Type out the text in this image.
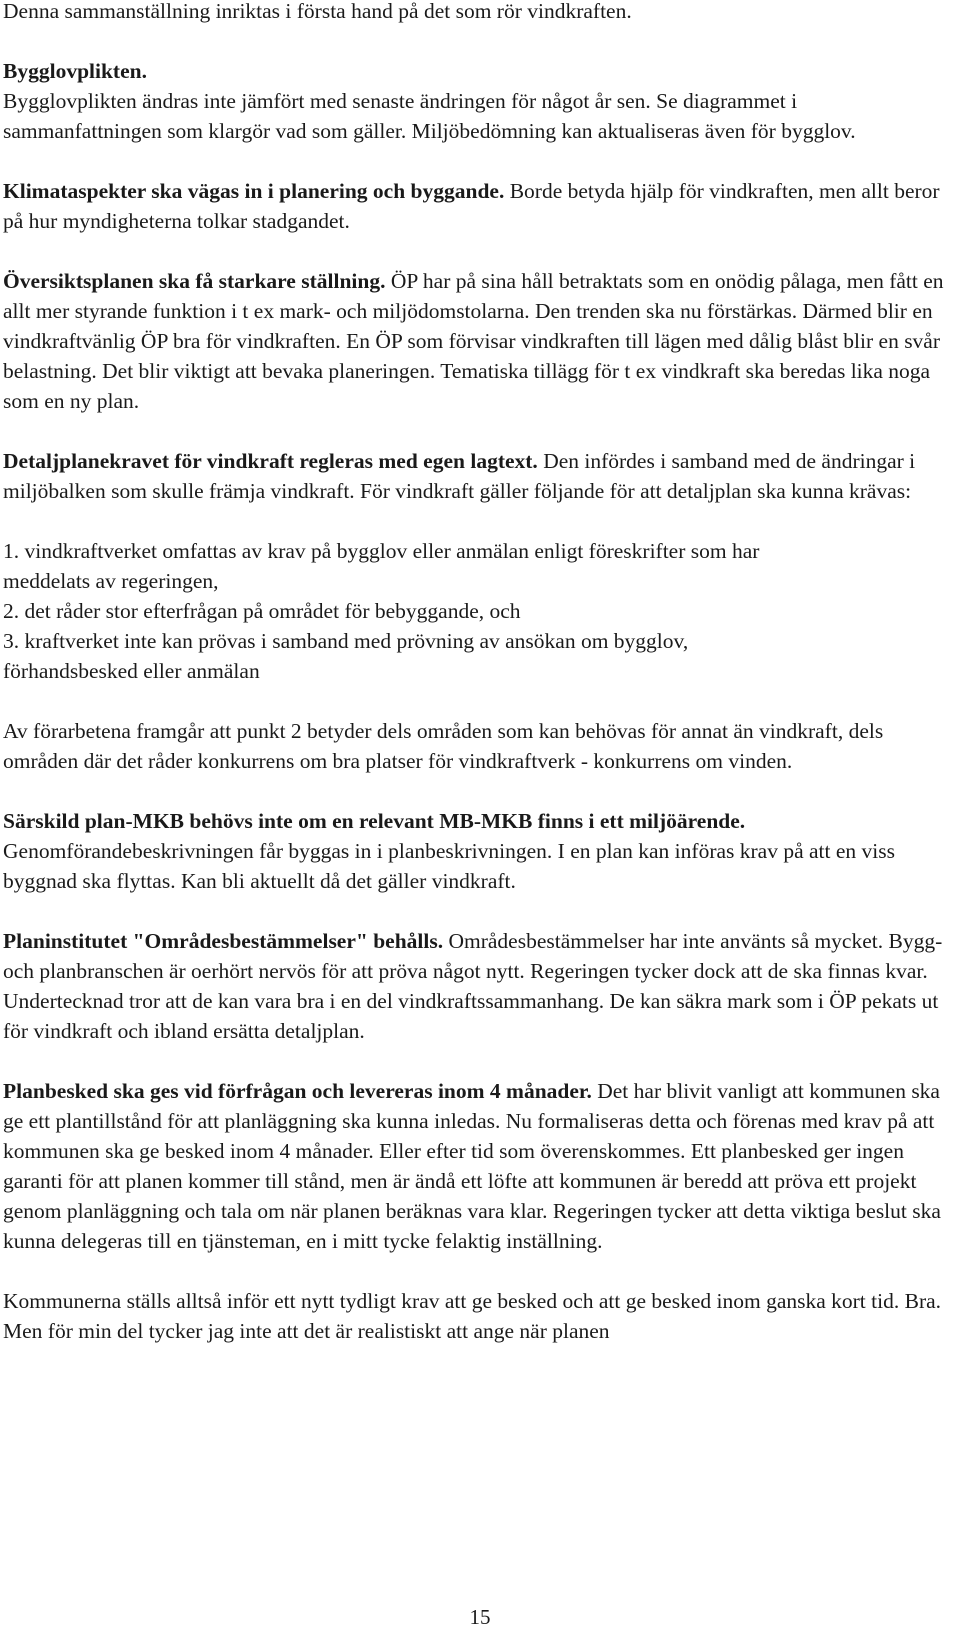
Denna sammanställning inriktas i första hand på det som rör vindkraften.

Bygglovplikten.

Bygglovplikten ändras inte jämfört med senaste ändringen för något år sen. Se diagrammet i sammanfattningen som klargör vad som gäller. Miljöbedömning kan aktualiseras även för bygglov.

Klimataspekter ska vägas in i planering och byggande. Borde betyda hjälp för vindkraften, men allt beror på hur myndigheterna tolkar stadgandet.

Översiktsplanen ska få starkare ställning. ÖP har på sina håll betraktats som en onödig pålaga, men fått en allt mer styrande funktion i t ex mark- och miljödomstolarna. Den trenden ska nu förstärkas. Därmed blir en vindkraftvänlig ÖP bra för vindkraften. En ÖP som förvisar vindkraften till lägen med dålig blåst blir en svår belastning. Det blir viktigt att bevaka planeringen. Tematiska tillägg för t ex vindkraft ska beredas lika noga som en ny plan.

Detaljplanekravet för vindkraft regleras med egen lagtext. Den infördes i samband med de ändringar i miljöbalken som skulle främja vindkraft. För vindkraft gäller följande för att detaljplan ska kunna krävas:

1. vindkraftverket omfattas av krav på bygglov eller anmälan enligt föreskrifter som har meddelats av regeringen,

2. det råder stor efterfrågan på området för bebyggande, och

3. kraftverket inte kan prövas i samband med prövning av ansökan om bygglov, förhandsbesked eller anmälan

Av förarbetena framgår att punkt 2 betyder dels områden som kan behövas för annat än vindkraft, dels områden där det råder konkurrens om bra platser för vindkraftverk - konkurrens om vinden.

Särskild plan-MKB behövs inte om en relevant MB-MKB finns i ett miljöärende. Genomförandebeskrivningen får byggas in i planbeskrivningen. I en plan kan införas krav på att en viss byggnad ska flyttas. Kan bli aktuellt då det gäller vindkraft.

Planinstitutet "Områdesbestämmelser" behålls. Områdesbestämmelser har inte använts så mycket. Bygg- och planbranschen är oerhört nervös för att pröva något nytt. Regeringen tycker dock att de ska finnas kvar. Undertecknad tror att de kan vara bra i en del vindkraftssammanhang. De kan säkra mark som i ÖP pekats ut för vindkraft och ibland ersätta detaljplan.

Planbesked ska ges vid förfrågan och levereras inom 4 månader. Det har blivit vanligt att kommunen ska ge ett plantillstånd för att planläggning ska kunna inledas. Nu formaliseras detta och förenas med krav på att kommunen ska ge besked inom 4 månader. Eller efter tid som överenskommes. Ett planbesked ger ingen garanti för att planen kommer till stånd, men är ändå ett löfte att kommunen är beredd att pröva ett projekt genom planläggning och tala om när planen beräknas vara klar. Regeringen tycker att detta viktiga beslut ska kunna delegeras till en tjänsteman, en i mitt tycke felaktig inställning.

Kommunerna ställs alltså inför ett nytt tydligt krav att ge besked och att ge besked inom ganska kort tid. Bra. Men för min del tycker jag inte att det är realistiskt att ange när planen

15
